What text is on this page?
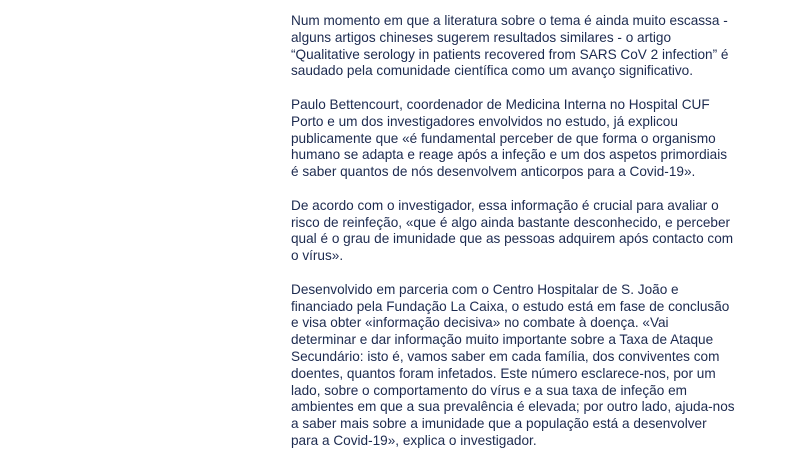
Num momento em que a literatura sobre o tema é ainda muito escassa - alguns artigos chineses sugerem resultados similares - o artigo “Qualitative serology in patients recovered from SARS CoV 2 infection” é saudado pela comunidade científica como um avanço significativo.

Paulo Bettencourt, coordenador de Medicina Interna no Hospital CUF Porto e um dos investigadores envolvidos no estudo, já explicou publicamente que «é fundamental perceber de que forma o organismo humano se adapta e reage após a infeção e um dos aspetos primordiais é saber quantos de nós desenvolvem anticorpos para a Covid-19».

De acordo com o investigador, essa informação é crucial para avaliar o risco de reinfeção, «que é algo ainda bastante desconhecido, e perceber qual é o grau de imunidade que as pessoas adquirem após contacto com o vírus».

Desenvolvido em parceria com o Centro Hospitalar de S. João e financiado pela Fundação La Caixa, o estudo está em fase de conclusão e visa obter «informação decisiva» no combate à doença. «Vai determinar e dar informação muito importante sobre a Taxa de Ataque Secundário: isto é, vamos saber em cada família, dos conviventes com doentes, quantos foram infetados. Este número esclarece-nos, por um lado, sobre o comportamento do vírus e a sua taxa de infeção em ambientes em que a sua prevalência é elevada; por outro lado, ajuda-nos a saber mais sobre a imunidade que a população está a desenvolver para a Covid-19», explica o investigador.
